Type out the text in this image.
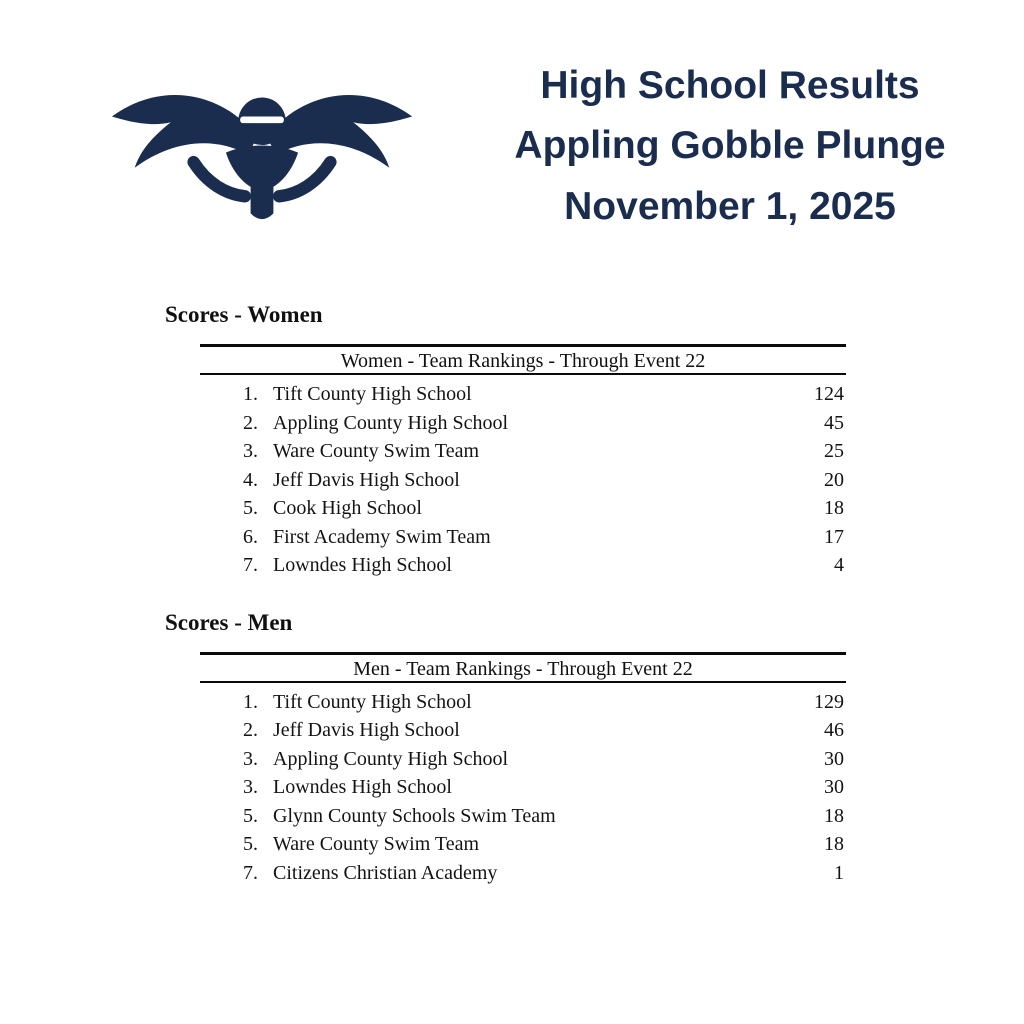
High School Results
Appling Gobble Plunge
November 1, 2025
Scores - Women
Women - Team Rankings - Through Event 22
1. Tift County High School	124
2. Appling County High School	45
3. Ware County Swim Team	25
4. Jeff Davis High School	20
5. Cook High School	18
6. First Academy Swim Team	17
7. Lowndes High School	4
Scores - Men
Men - Team Rankings - Through Event 22
1. Tift County High School	129
2. Jeff Davis High School	46
3. Appling County High School	30
3. Lowndes High School	30
5. Glynn County Schools Swim Team	18
5. Ware County Swim Team	18
7. Citizens Christian Academy	1
